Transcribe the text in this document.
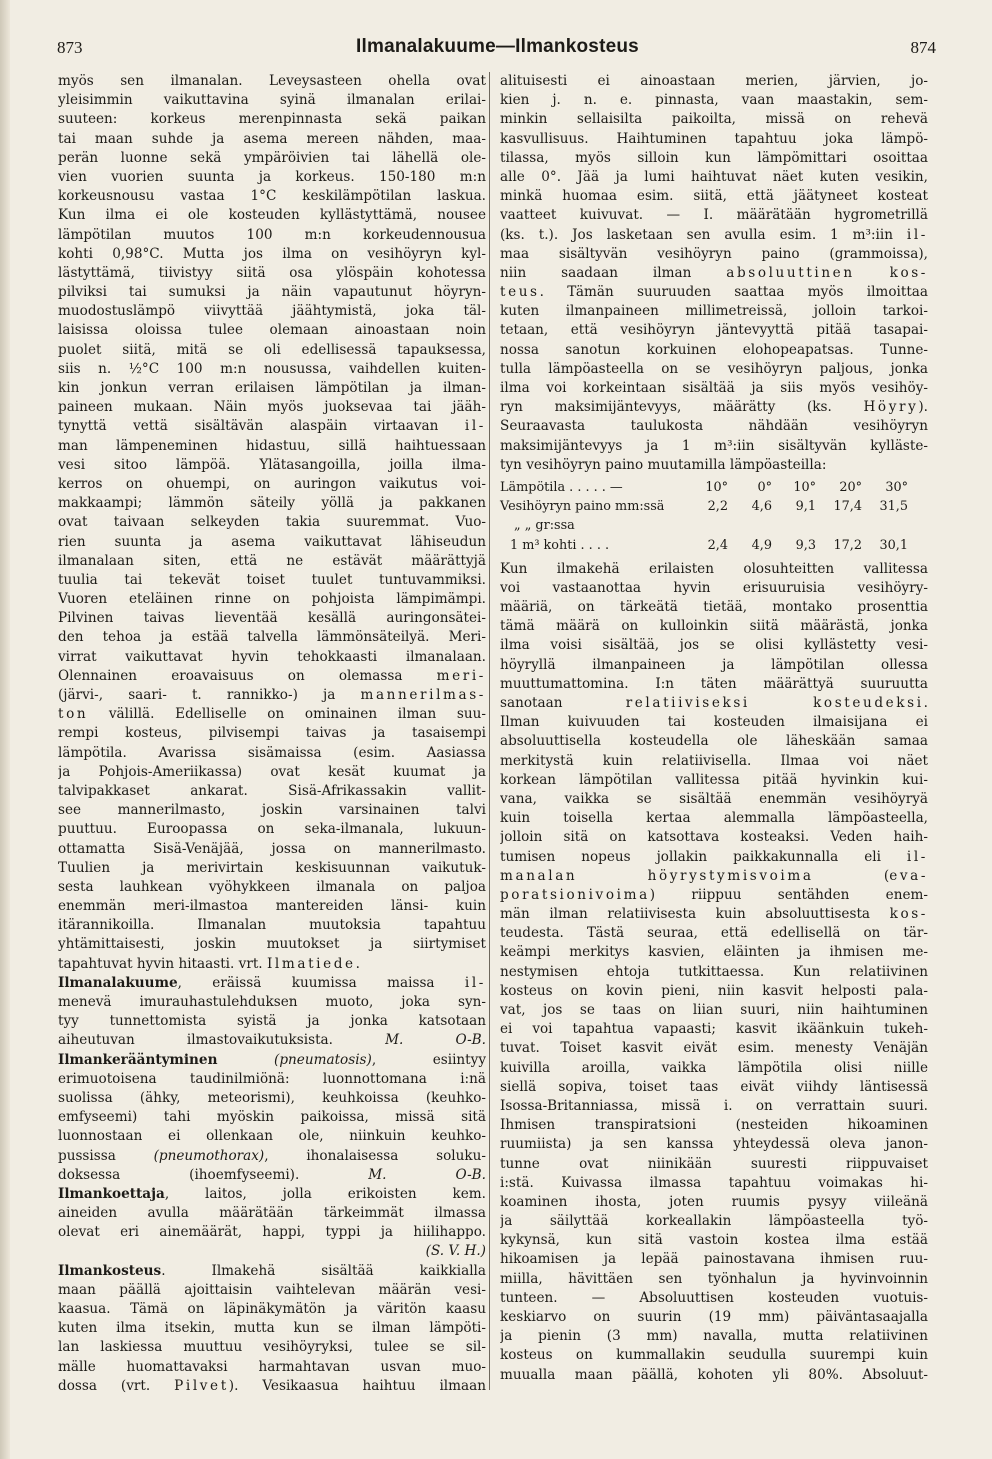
873	Ilmanalakuume—Ilmankosteus	874
myös sen ilmanalan. Leveysasteen ohella ovat
yleisimmin vaikuttavina syinä ilmanalan erilai-
suuteen: korkeus merenpinnasta sekä paikan
tai maan suhde ja asema mereen nähden, maa-
perän luonne sekä ympäröivien tai lähellä ole-
vien vuorien suunta ja korkeus. 150-180 m:n
korkeusnousu vastaa 1°C keskilämpötilan laskua.
Kun ilma ei ole kosteuden kyllästyttämä, nousee
lämpötilan muutos 100 m:n korkeudennousua
kohti 0,98°C. Mutta jos ilma on vesihöyryn kyl-
lästyttämä, tiivistyy siitä osa ylöspäin kohotessa
pilviksi tai sumuksi ja näin vapautunut höyryn-
muodostuslämpö viivyttää jäähtymistä, joka täl-
laisissa oloissa tulee olemaan ainoastaan noin
puolet siitä, mitä se oli edellisessä tapauksessa,
siis n. ½°C 100 m:n nousussa, vaihdellen kuiten-
kin jonkun verran erilaisen lämpötilan ja ilman-
paineen mukaan. Näin myös juoksevaa tai jääh-
tynyttä vettä sisältävän alaspäin virtaavan il-
man lämpeneminen hidastuu, sillä haihtuessaan
vesi sitoo lämpöä. Ylätasangoilla, joilla ilma-
kerros on ohuempi, on auringon vaikutus voi-
makkaampi; lämmön säteily yöllä ja pakkanen
ovat taivaan selkeyden takia suuremmat. Vuo-
rien suunta ja asema vaikuttavat lähiseudun
ilmanalaan siten, että ne estävät määrättyjä
tuulia tai tekevät toiset tuulet tuntuvammiksi.
Vuoren eteläinen rinne on pohjoista lämpimämpi.
Pilvinen taivas lieventää kesällä auringonsätei-
den tehoa ja estää talvella lämmönsäteilyä. Meri-
virrat vaikuttavat hyvin tehokkaasti ilmanalaan.
Olennainen eroavaisuus on olemassa meri-
(järvi-, saari- t. rannikko-) ja mannerilmas-
ton välillä. Edelliselle on ominainen ilman suu-
rempi kosteus, pilvisempi taivas ja tasaisempi
lämpötila. Avarissa sisämaissa (esim. Aasiassa
ja Pohjois-Ameriikassa) ovat kesät kuumat ja
talvipakkaset ankarat. Sisä-Afrikassakin vallit-
see mannerilmasto, joskin varsinainen talvi
puuttuu. Euroopassa on seka-ilmanala, lukuun-
ottamatta Sisä-Venäjää, jossa on mannerilmasto.
Tuulien ja merivirtain keskisuunnan vaikutuk-
sesta lauhkean vyöhykkeen ilmanala on paljoa
enemmän meri-ilmastoa mantereiden länsi- kuin
itärannikoilla. Ilmanalan muutoksia tapahtuu
yhtämittaisesti, joskin muutokset ja siirtymiset
tapahtuvat hyvin hitaasti. vrt. Ilmatiede.
Ilmanalakuume, eräissä kuumissa maissa il-
menevä imurauhastulehduksen muoto, joka syn-
tyy tunnettomista syistä ja jonka katsotaan
aiheutuvan ilmastovaikutuksista. M. O-B.
Ilmankerääntyminen	(pneumatosis), esiintyy
erimuotoisena taudinilmiönä: luonnottomana i:nä
suolissa (ähky, meteorismi), keuhkoissa (keuhko-
emfyseemi) tahi myöskin paikoissa, missä sitä
luonnostaan ei ollenkaan ole, niinkuin keuhko-
pussissa (pneumothorax), ihonalaisessa soluku-
doksessa (ihoemfyseemi). M. O-B.
Ilmankoettaja, laitos, jolla erikoisten kem.
aineiden avulla määrätään tärkeimmät ilmassa
olevat eri ainemäärät, happi, typpi ja hiilihappo.
(S. V. H.)
Ilmankosteus. Ilmakehä sisältää kaikkialla
maan päällä ajoittaisin vaihtelevan määrän vesi-
kaasua. Tämä on läpinäkymätön ja väritön kaasu
kuten ilma itsekin, mutta kun se ilman lämpöti-
lan laskiessa muuttuu vesihöyryksi, tulee se sil-
mälle huomattavaksi harmahtavan usvan muo-
dossa (vrt. Pilvet). Vesikaasua haihtuu ilmaan
alituisesti ei ainoastaan merien, järvien, jo-
kien j. n. e. pinnasta, vaan maastakin, sem-
minkin sellaisilta paikoilta, missä on rehevä
kasvullisuus. Haihtuminen tapahtuu joka lämpö-
tilassa, myös silloin kun lämpömittari osoittaa
alle 0°. Jää ja lumi haihtuvat näet kuten vesikin,
minkä huomaa esim. siitä, että jäätyneet kosteat
vaatteet kuivuvat. — I. määrätään hygrometrillä
(ks. t.). Jos lasketaan sen avulla esim. 1 m³:iin il-
maa sisältyvän vesihöyryn paino (grammoissa),
niin saadaan ilman absoluuttinen	kos-
teus. Tämän suuruuden saattaa myös ilmoittaa
kuten ilmanpaineen millimetreissä, jolloin tarkoi-
tetaan, että vesihöyryn jäntevyyttä pitää tasapai-
nossa sanotun korkuinen elohopeapatsas. Tunne-
tulla lämpöasteella on se vesihöyryn paljous, jonka
ilma voi korkeintaan sisältää ja siis myös vesihöy-
ryn maksimijäntevyys, määrätty (ks. Höyry).
Seuraavasta taulukosta nähdään vesihöyryn
maksimijäntevyys ja 1 m³:iin sisältyvän kylläste-
tyn vesihöyryn paino muutamilla lämpöasteilla:
Lämpötila . . . . . —	10°	0°	10°	20°	30°
Vesihöyryn paino mm:ssä	2,2	4,6	9,1	17,4	31,5
„ „ gr:ssa
1 m³ kohti . . . .	2,4	4,9	9,3	17,2	30,1
Kun ilmakehä erilaisten olosuhteitten vallitessa
voi vastaanottaa hyvin erisuuruisia vesihöyry-
määriä, on tärkeätä tietää, montako prosenttia
tämä määrä on kulloinkin siitä määrästä, jonka
ilma voisi sisältää, jos se olisi kyllästetty vesi-
höyryllä ilmanpaineen ja lämpötilan ollessa
muuttumattomina. I:n täten määrättyä suuruutta
sanotaan relatiiviseksi	kosteudeksi.
Ilman kuivuuden tai kosteuden ilmaisijana ei
absoluuttisella kosteudella ole läheskään samaa
merkitystä kuin relatiivisella. Ilmaa voi näet
korkean lämpötilan vallitessa pitää hyvinkin kui-
vana, vaikka se sisältää enemmän vesihöyryä
kuin toisella kertaa alemmalla lämpöasteella,
jolloin sitä on katsottava kosteaksi. Veden haih-
tumisen nopeus jollakin paikkakunnalla eli il-
manalan	höyrystymisvoima (eva-
poratsionivoima) riippuu sentähden enem-
män ilman relatiivisesta kuin absoluuttisesta kos-
teudesta. Tästä seuraa, että edellisellä on tär-
keämpi merkitys kasvien, eläinten ja ihmisen me-
nestymisen ehtoja tutkittaessa. Kun relatiivinen
kosteus on kovin pieni, niin kasvit helposti pala-
vat, jos se taas on liian suuri, niin haihtuminen
ei voi tapahtua vapaasti; kasvit ikäänkuin tukeh-
tuvat. Toiset kasvit eivät esim. menesty Venäjän
kuivilla aroilla, vaikka lämpötila olisi niille
siellä sopiva, toiset taas eivät viihdy läntisessä
Isossa-Britanniassa, missä i. on verrattain suuri.
Ihmisen transpiratsioni (nesteiden hikoaminen
ruumiista) ja sen kanssa yhteydessä oleva janon-
tunne ovat niinikään suuresti riippuvaiset
i:stä. Kuivassa ilmassa tapahtuu voimakas hi-
koaminen ihosta, joten ruumis pysyy viileänä
ja säilyttää korkeallakin lämpöasteella työ-
kykynsä, kun sitä vastoin kostea ilma estää
hikoamisen ja lepää painostavana ihmisen ruu-
miilla, hävittäen sen työnhalun ja hyvinvoinnin
tunteen. — Absoluuttisen kosteuden vuotuis-
keskiarvo on suurin (19 mm) päiväntasaajalla
ja pienin (3 mm) navalla, mutta relatiivinen
kosteus on kummallakin seudulla suurempi kuin
muualla maan päällä, kohoten yli 80%. Absoluut-
